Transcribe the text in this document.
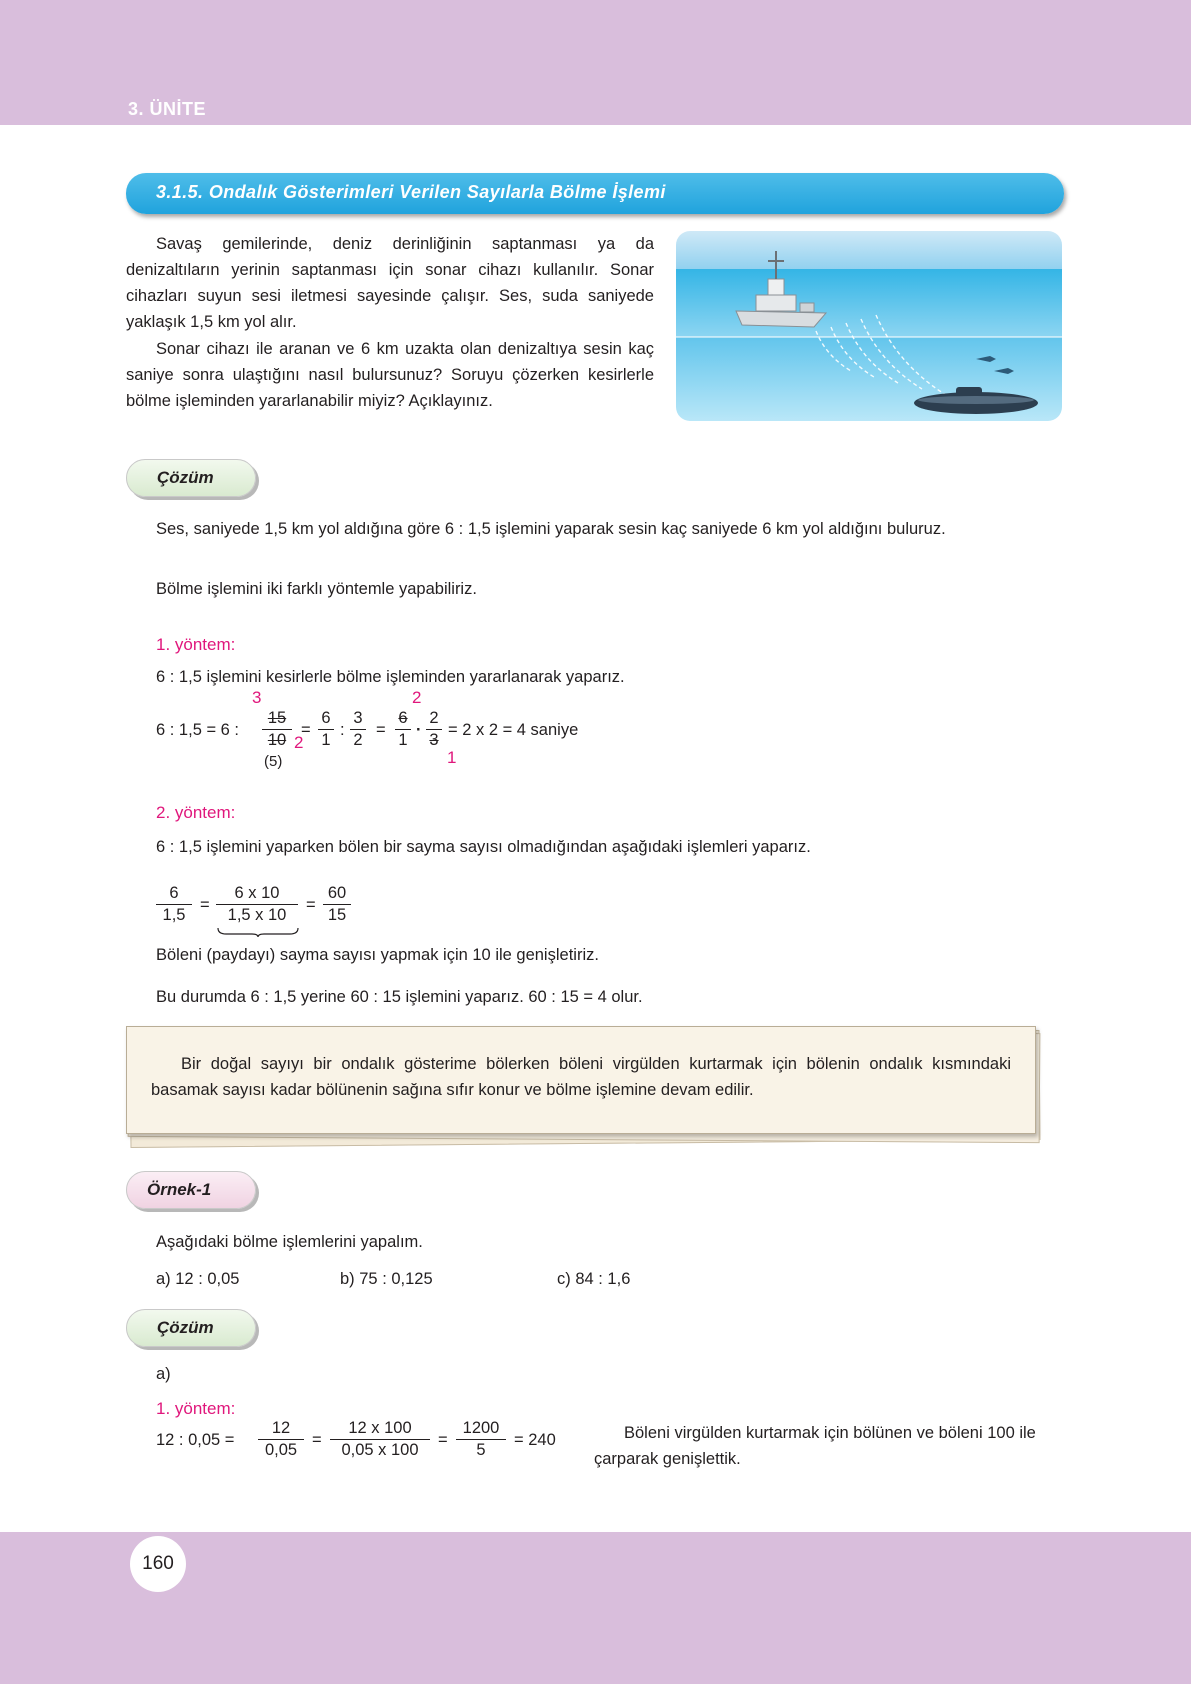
3. ÜNİTE
3.1.5. Ondalık Gösterimleri Verilen Sayılarla Bölme İşlemi
Savaş gemilerinde, deniz derinliğinin saptanması ya da denizaltıların yerinin saptanması için sonar cihazı kullanılır. Sonar cihazları suyun sesi iletmesi sayesinde çalışır. Ses, suda saniyede yaklaşık 1,5 km yol alır.
Sonar cihazı ile aranan ve 6 km uzakta olan denizaltıya sesin kaç saniye sonra ulaştığını nasıl bulursunuz? Soruyu çözerken kesirlerle bölme işleminden yararlanabilir miyiz? Açıklayınız.
Çözüm
Ses, saniyede 1,5 km yol aldığına göre 6 : 1,5 işlemini yaparak sesin kaç saniyede 6 km yol aldığını buluruz.
Bölme işlemini iki farklı yöntemle yapabiliriz.
1. yöntem:
6 : 1,5 işlemini kesirlerle bölme işleminden yararlanarak yaparız.
6 : 1,5 = 6 :
3
$\frac{15}{10}$
(5)
2
= $\frac{6}{1}$ : $\frac{3}{2}$ =
2
$\frac{6}{1} \cdot \frac{2}{3}$
1
= 2 x 2 = 4 saniye
2. yöntem:
6 : 1,5 işlemini yaparken bölen bir sayma sayısı olmadığından aşağıdaki işlemleri yaparız.
$\frac{6}{1,5} = \frac{6 x 10}{1,5 x 10} = \frac{60}{15}$
Böleni (paydayı) sayma sayısı yapmak için 10 ile genişletiriz.
Bu durumda 6 : 1,5 yerine 60 : 15 işlemini yaparız. 60 : 15 = 4 olur.
Bir doğal sayıyı bir ondalık gösterime bölerken böleni virgülden kurtarmak için bölenin ondalık kısmındaki basamak sayısı kadar bölünenin sağına sıfır konur ve bölme işlemine devam edilir.
Örnek-1
Aşağıdaki bölme işlemlerini yapalım.
a) 12 : 0,05	b) 75 : 0,125	c) 84 : 1,6
Çözüm
a)
1. yöntem:
12 : $0,05 = \frac{12}{0,05} = \frac{12 x 100}{0,05 x 100} = \frac{1200}{5} = 240$	Böleni virgülden kurtarmak için bölünen ve böleni 100 ile çarparak genişlettik.
160
